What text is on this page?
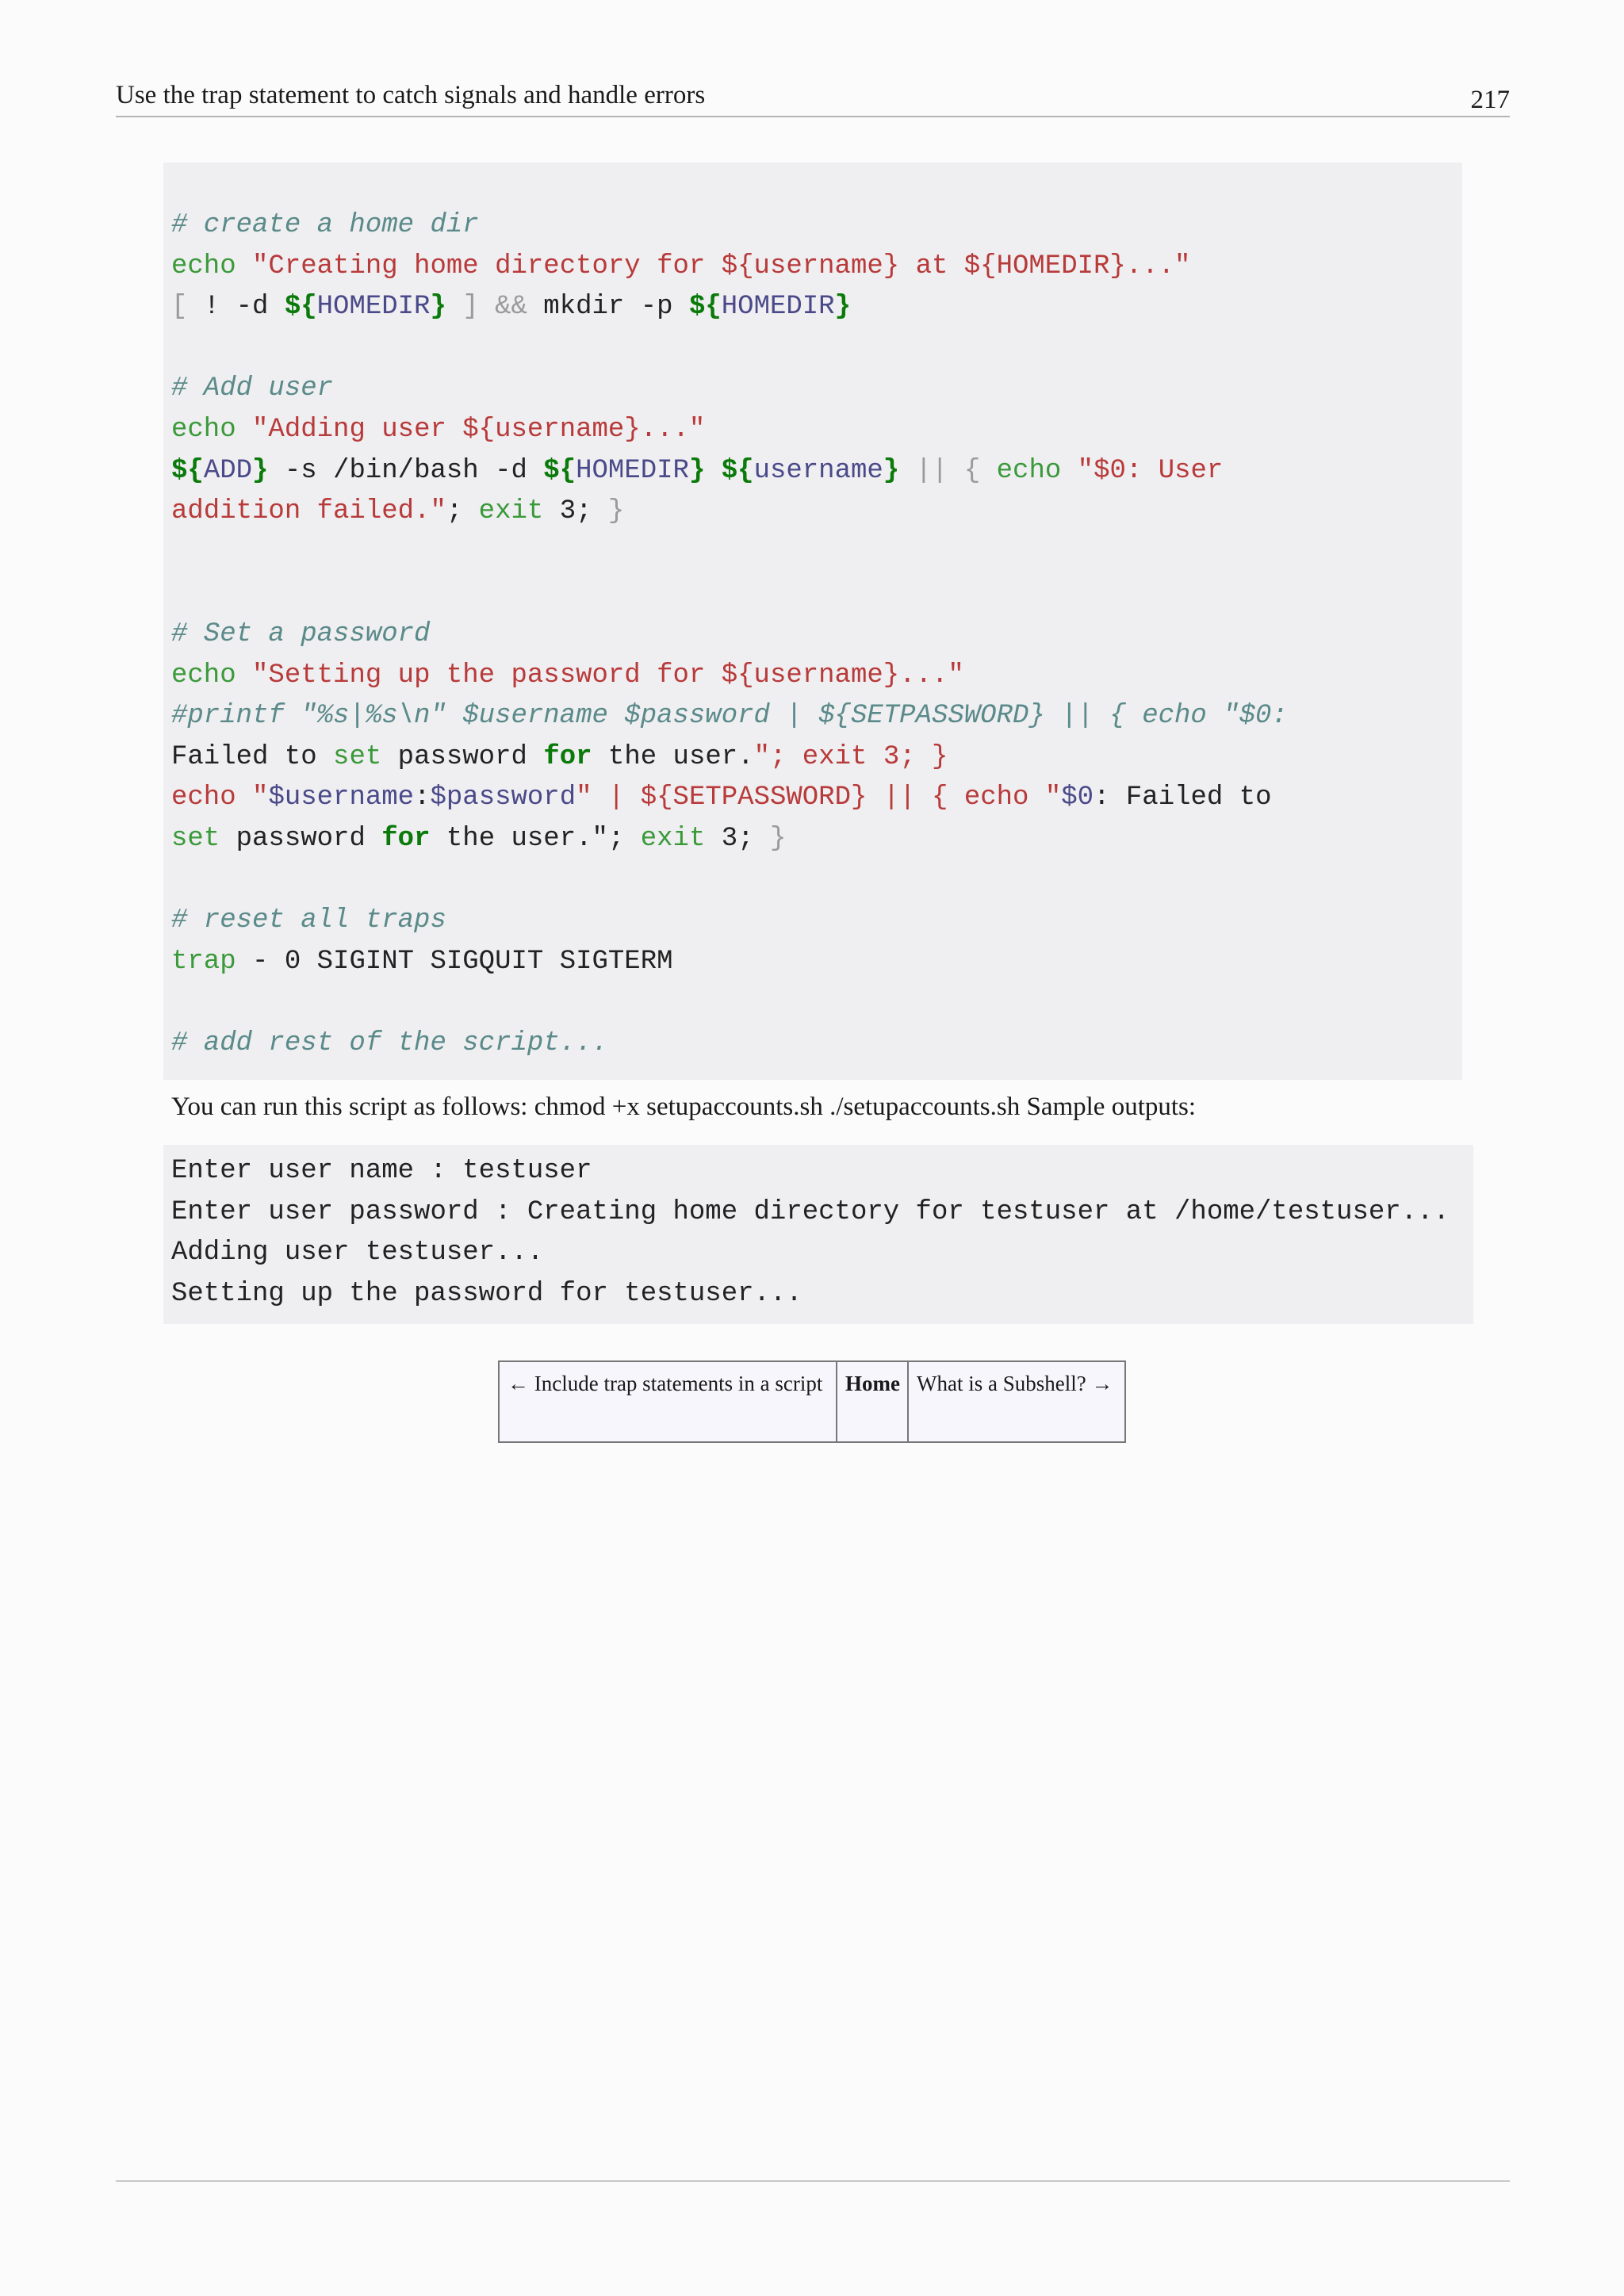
Use the trap statement to catch signals and handle errors	217
# create a home dir
echo "Creating home directory for ${username} at ${HOMEDIR}..."
[ ! -d ${HOMEDIR} ] && mkdir -p ${HOMEDIR}
# Add user
echo "Adding user ${username}..."
${ADD} -s /bin/bash -d ${HOMEDIR} ${username} || { echo "$0: User
addition failed."; exit 3; }
# Set a password
echo "Setting up the password for ${username}..."
#printf "%s|%s\n" $username $password | ${SETPASSWORD} || { echo "$0:
Failed to set password for the user."; exit 3; }
echo "$username:$password" | ${SETPASSWORD} || { echo "$0: Failed to
set password for the user."; exit 3; }
# reset all traps
trap - 0 SIGINT SIGQUIT SIGTERM
# add rest of the script...
You can run this script as follows: chmod +x setupaccounts.sh ./setupaccounts.sh Sample outputs:
Enter user name : testuser
Enter user password : Creating home directory for testuser at /home/testuser...
Adding user testuser...
Setting up the password for testuser...
← Include trap statements in a script	Home What is a Subshell? →
